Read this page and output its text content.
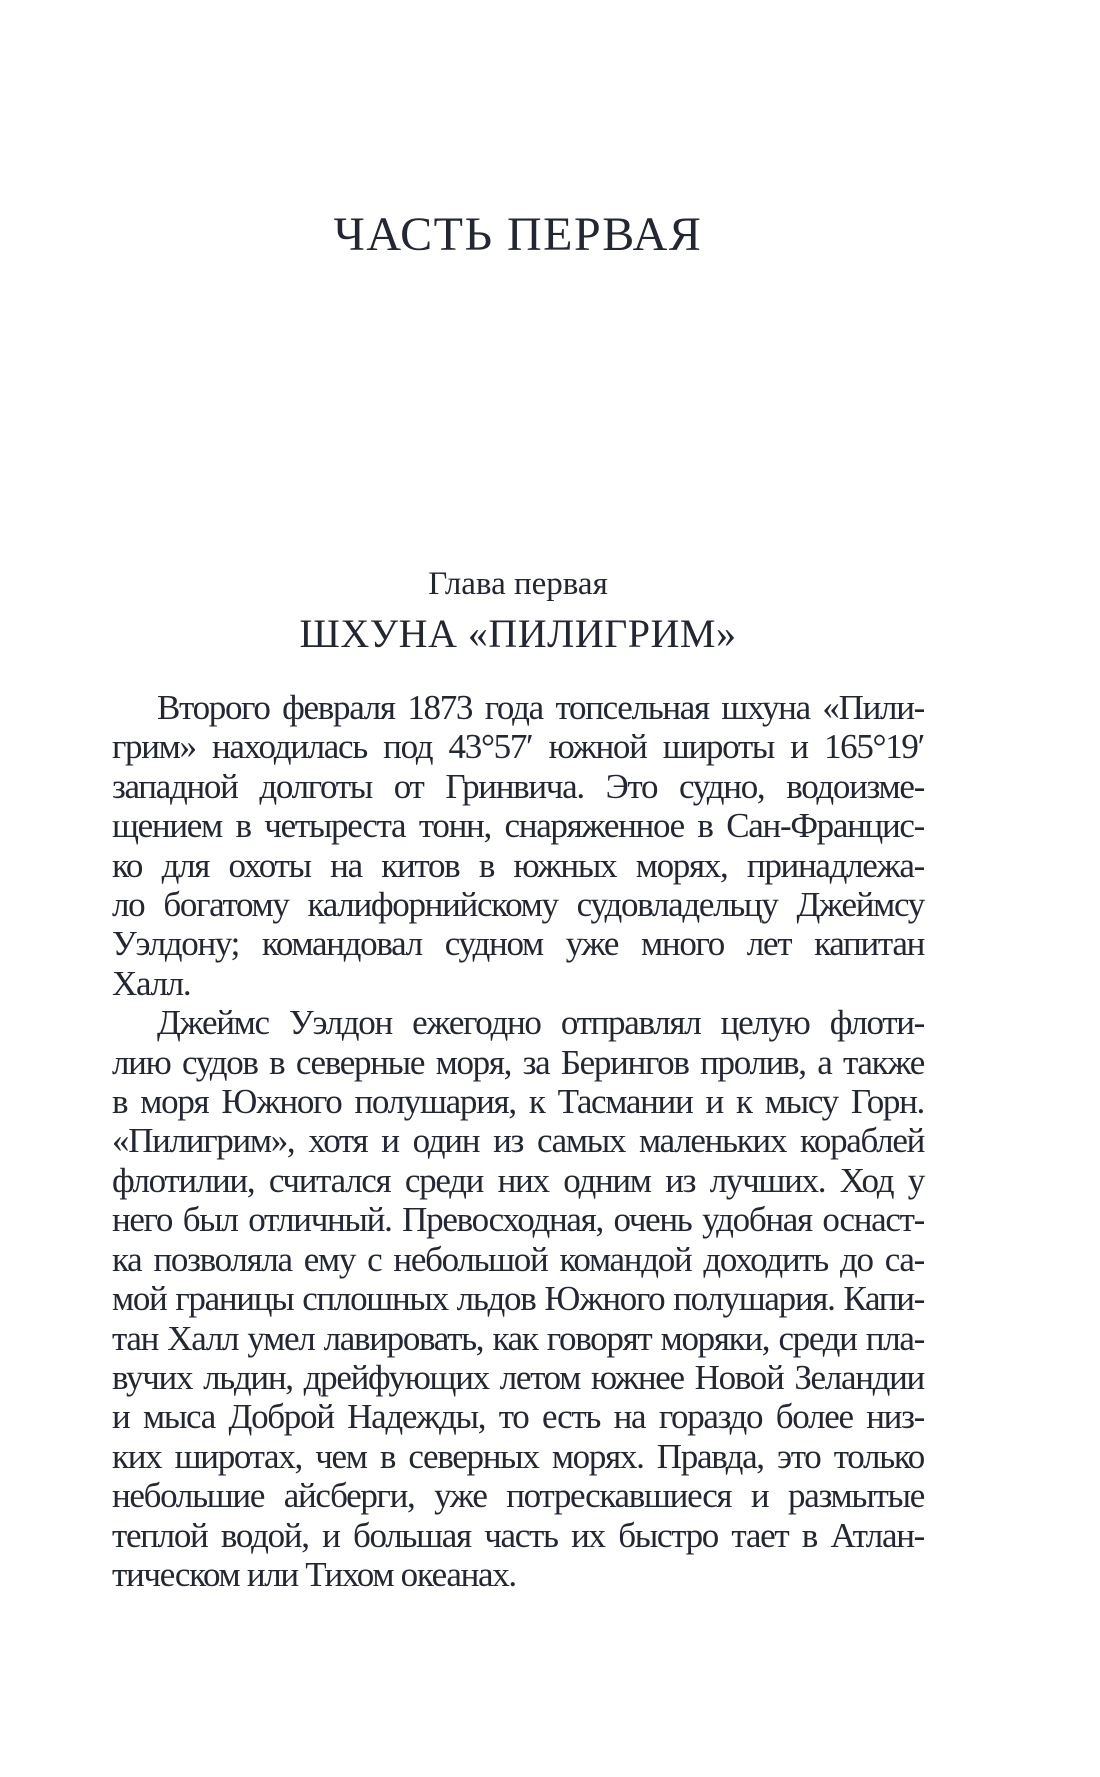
ЧАСТЬ ПЕРВАЯ
Глава первая
ШХУНА «ПИЛИГРИМ»
Второго февраля 1873 года топсельная шхуна «Пили-
грим» находилась под 43°57′ южной широты и 165°19′
западной долготы от Гринвича. Это судно, водоизме-
щением в четыреста тонн, снаряженное в Сан-Францис-
ко для охоты на китов в южных морях, принадлежа-
ло богатому калифорнийскому судовладельцу Джеймсу
Уэлдону; командовал судном уже много лет капитан
Халл.
Джеймс Уэлдон ежегодно отправлял целую флоти-
лию судов в северные моря, за Берингов пролив, а также
в моря Южного полушария, к Тасмании и к мысу Горн.
«Пилигрим», хотя и один из самых маленьких кораблей
флотилии, считался среди них одним из лучших. Ход у
него был отличный. Превосходная, очень удобная оснаст-
ка позволяла ему с небольшой командой доходить до са-
мой границы сплошных льдов Южного полушария. Капи-
тан Халл умел лавировать, как говорят моряки, среди пла-
вучих льдин, дрейфующих летом южнее Новой Зеландии
и мыса Доброй Надежды, то есть на гораздо более низ-
ких широтах, чем в северных морях. Правда, это только
небольшие айсберги, уже потрескавшиеся и размытые
теплой водой, и большая часть их быстро тает в Атлан-
тическом или Тихом океанах.
